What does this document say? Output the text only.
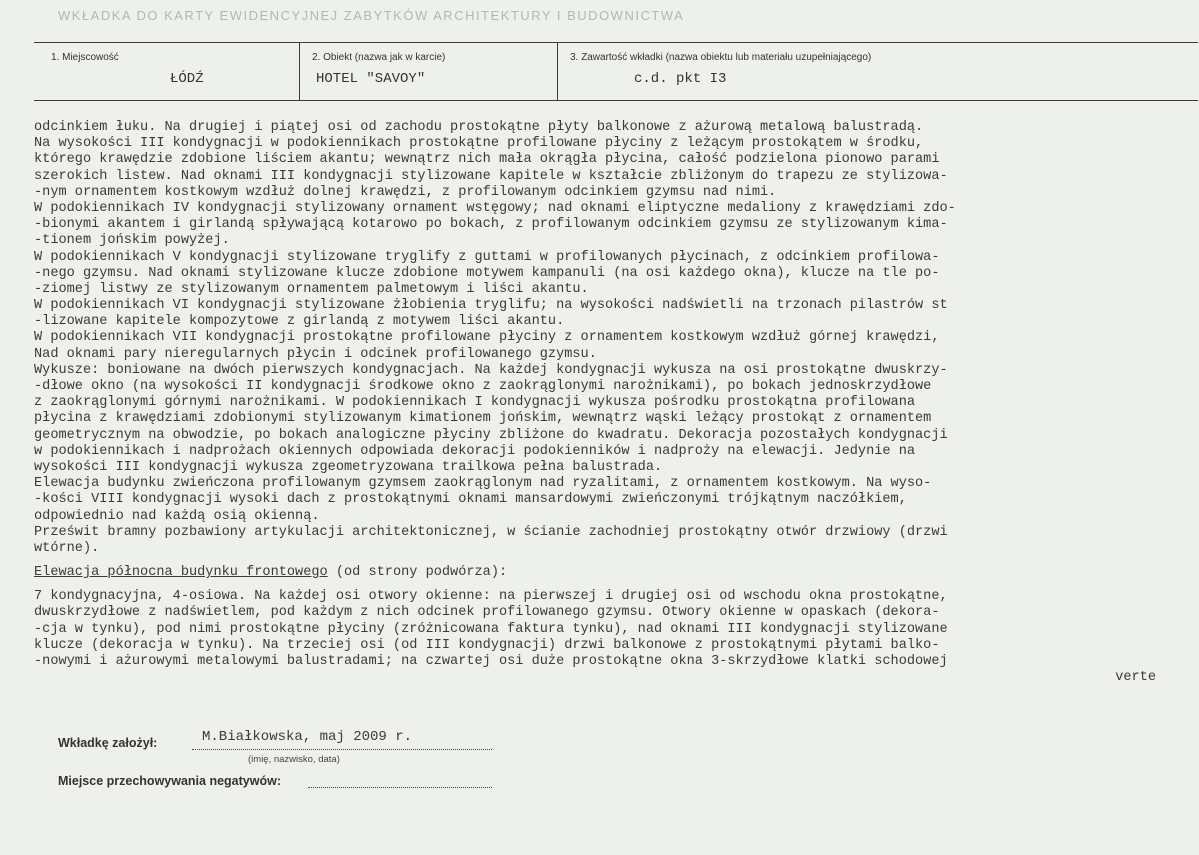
WKŁADKA DO KARTY EWIDENCYJNEJ ZABYTKÓW ARCHITEKTURY I BUDOWNICTWA
1. Miejscowość
ŁÓDŹ
2. Obiekt (nazwa jak w karcie)
HOTEL "SAVOY"
3. Zawartość wkładki (nazwa obiektu lub materiału uzupełniającego)
c.d. pkt I3
odcinkiem łuku. Na drugiej i piątej osi od zachodu prostokątne płyty balkonowe z ażurową metalową balustradą.
Na wysokości III kondygnacji w podokiennikach prostokątne profilowane płyciny z leżącym prostokątem w środku,
którego krawędzie zdobione liściem akantu; wewnątrz nich mała okrągła płycina, całość podzielona pionowo parami
szerokich listew. Nad oknami III kondygnacji stylizowane kapitele w kształcie zbliżonym do trapezu ze stylizowa-
-nym ornamentem kostkowym wzdłuż dolnej krawędzi, z profilowanym odcinkiem gzymsu nad nimi.
W podokiennikach IV kondygnacji stylizowany ornament wstęgowy; nad oknami eliptyczne medaliony z krawędziami zdo-
-bionymi akantem i girlandą spływającą kotarowo po bokach, z profilowanym odcinkiem gzymsu ze stylizowanym kima-
-tionem jońskim powyżej.
W podokiennikach V kondygnacji stylizowane tryglify z guttami w profilowanych płycinach, z odcinkiem profilowa-
-nego gzymsu. Nad oknami stylizowane klucze zdobione motywem kampanuli (na osi każdego okna), klucze na tle po-
-ziomej listwy ze stylizowanym ornamentem palmetowym i liści akantu.
W podokiennikach VI kondygnacji stylizowane żłobienia tryglifu; na wysokości nadświetli na trzonach pilastrów st
-lizowane kapitele kompozytowe z girlandą z motywem liści akantu.
W podokiennikach VII kondygnacji prostokątne profilowane płyciny z ornamentem kostkowym wzdłuż górnej krawędzi,
Nad oknami pary nieregularnych płycin i odcinek profilowanego gzymsu.
Wykusze: boniowane na dwóch pierwszych kondygnacjach. Na każdej kondygnacji wykusza na osi prostokątne dwuskrzy-
-dłowe okno (na wysokości II kondygnacji środkowe okno z zaokrąglonymi narożnikami), po bokach jednoskrzydłowe
z zaokrąglonymi górnymi narożnikami. W podokiennikach I kondygnacji wykusza pośrodku prostokątna profilowana
płycina z krawędziami zdobionymi stylizowanym kimationem jońskim, wewnątrz wąski leżący prostokąt z ornamentem
geometrycznym na obwodzie, po bokach analogiczne płyciny zbliżone do kwadratu. Dekoracja pozostałych kondygnacji
w podokiennikach i nadprożach okiennych odpowiada dekoracji podokienników i nadproży na elewacji. Jedynie na
wysokości III kondygnacji wykusza zgeometryzowana trailkowa pełna balustrada.
Elewacja budynku zwieńczona profilowanym gzymsem zaokrąglonym nad ryzalitami, z ornamentem kostkowym. Na wyso-
-kości VIII kondygnacji wysoki dach z prostokątnymi oknami mansardowymi zwieńczonymi trójkątnym naczółkiem,
odpowiednio nad każdą osią okienną.
Prześwit bramny pozbawiony artykulacji architektonicznej, w ścianie zachodniej prostokątny otwór drzwiowy (drzwi
wtórne).
Elewacja północna budynku frontowego (od strony podwórza):
7 kondygnacyjna, 4-osiowa. Na każdej osi otwory okienne: na pierwszej i drugiej osi od wschodu okna prostokątne,
dwuskrzydłowe z nadświetlem, pod każdym z nich odcinek profilowanego gzymsu. Otwory okienne w opaskach (dekora-
-cja w tynku), pod nimi prostokątne płyciny (zróżnicowana faktura tynku), nad oknami III kondygnacji stylizowane
klucze (dekoracja w tynku). Na trzeciej osi (od III kondygnacji) drzwi balkonowe z prostokątnymi płytami balko-
-nowymi i ażurowymi metalowymi balustradami; na czwartej osi duże prostokątne okna 3-skrzydłowe klatki schodowej
verte
Wkładkę założył:	M.Białkowska, maj 2009 r.
(imię, nazwisko, data)
Miejsce przechowywania negatywów:
